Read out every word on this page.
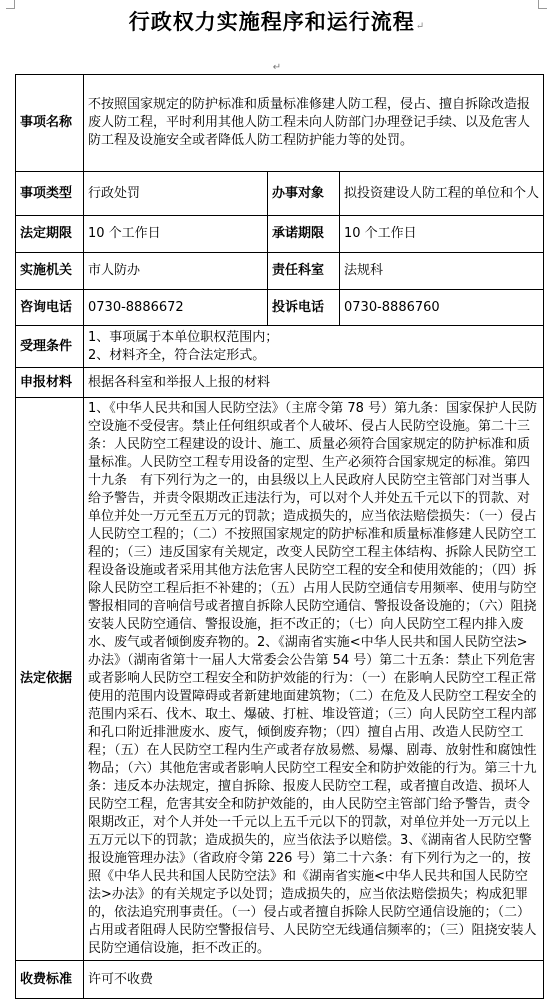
行政权力实施程序和运行流程↵
↵
事项名称	不按照国家规定的防护标准和质量标准修建人防工程，侵占、擅自拆除改造报废人防工程，平时利用其他人防工程未向人防部门办理登记手续、以及危害人防工程及设施安全或者降低人防工程防护能力等的处罚。		
事项类型	行政处罚	办事对象	拟投资建设人防工程的单位和个人
法定期限	10 个工作日	承诺期限	10 个工作日
实施机关	市人防办	责任科室	法规科
咨询电话	0730-8886672	投诉电话	0730-8886760
受理条件	1、事项属于本单位职权范围内；
2、材料齐全，符合法定形式。		

申报材料	根据各科室和举报人上报的材料		
法定依据	1、《中华人民共和国人民防空法》（主席令第 78 号）第九条：国家保护人民防空设施不受侵害。禁止任何组织或者个人破坏、侵占人民防空设施。第二十三条：人民防空工程建设的设计、施工、质量必须符合国家规定的防护标准和质量标准。人民防空工程专用设备的定型、生产必须符合国家规定的标准。第四十九条　有下列行为之一的，由县级以上人民政府人民防空主管部门对当事人给予警告，并责令限期改正违法行为，可以对个人并处五千元以下的罚款、对单位并处一万元至五万元的罚款；造成损失的，应当依法赔偿损失：（一）侵占人民防空工程的；（二）不按照国家规定的防护标准和质量标准修建人民防空工程的；（三）违反国家有关规定，改变人民防空工程主体结构、拆除人民防空工程设备设施或者采用其他方法危害人民防空工程的安全和使用效能的；（四）拆除人民防空工程后拒不补建的；（五）占用人民防空通信专用频率、使用与防空警报相同的音响信号或者擅自拆除人民防空通信、警报设备设施的；（六）阻挠安装人民防空通信、警报设施，拒不改正的；（七）向人民防空工程内排入废水、废气或者倾倒废弃物的。2、《湖南省实施<中华人民共和国人民防空法>办法》（湖南省第十一届人大常委会公告第 54 号）第二十五条：禁止下列危害或者影响人民防空工程安全和防护效能的行为：（一）在影响人民防空工程正常使用的范围内设置障碍或者新建地面建筑物；（二）在危及人民防空工程安全的范围内采石、伐木、取土、爆破、打桩、堆设管道；（三）向人民防空工程内部和孔口附近排泄废水、废气，倾倒废弃物；（四）擅自占用、改造人民防空工程；（五）在人民防空工程内生产或者存放易燃、易爆、剧毒、放射性和腐蚀性物品；（六）其他危害或者影响人民防空工程安全和防护效能的行为。第三十九条：违反本办法规定，擅自拆除、报废人民防空工程，或者擅自改造、损坏人民防空工程，危害其安全和防护效能的，由人民防空主管部门给予警告，责令限期改正，对个人并处一千元以上五千元以下的罚款，对单位并处一万元以上五万元以下的罚款；造成损失的，应当依法予以赔偿。3、《湖南省人民防空警报设施管理办法》（省政府令第 226 号）第二十六条：有下列行为之一的，按照《中华人民共和国人民防空法》和《湖南省实施<中华人民共和国人民防空法>办法》的有关规定予以处罚；造成损失的，应当依法赔偿损失；构成犯罪的，依法追究刑事责任。（一）侵占或者擅自拆除人民防空通信设施的；（二）占用或者阻碍人民防空警报信号、人民防空无线通信频率的；（三）阻挠安装人民防空通信设施，拒不改正的。		
收费标准	许可不收费		
